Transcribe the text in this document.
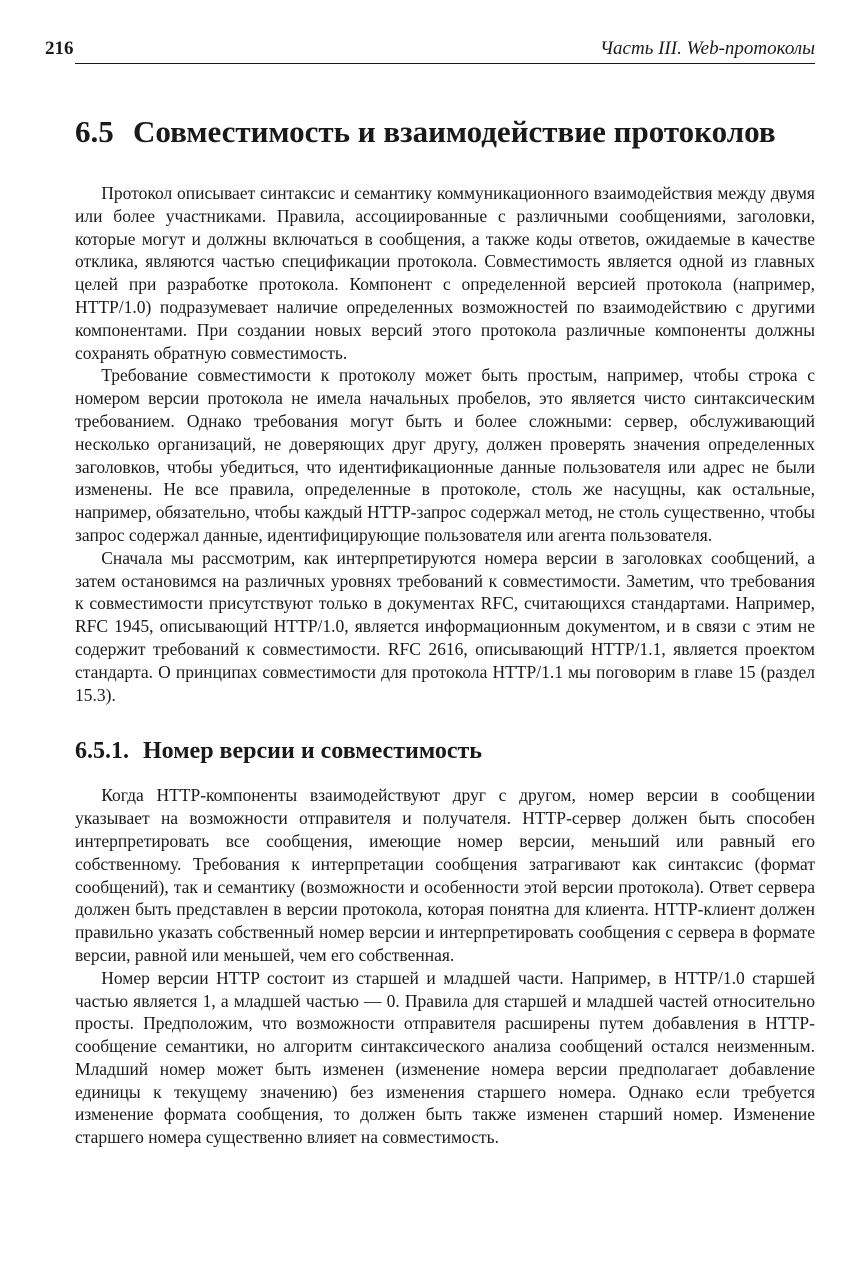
216	Часть III. Web-протоколы
6.5 Совместимость и взаимодействие протоколов

Протокол описывает синтаксис и семантику коммуникационного взаимодействия между двумя или более участниками. Правила, ассоциированные с различными сообщениями, заголовки, которые могут и должны включаться в сообщения, а также коды ответов, ожидаемые в качестве отклика, являются частью спецификации протокола. Совместимость является одной из главных целей при разработке протокола. Компонент с определенной версией протокола (например, HTTP/1.0) подразумевает наличие определенных возможностей по взаимодействию с другими компонентами. При создании новых версий этого протокола различные компоненты должны сохранять обратную совместимость.

Требование совместимости к протоколу может быть простым, например, чтобы строка с номером версии протокола не имела начальных пробелов, это является чисто синтаксическим требованием. Однако требования могут быть и более сложными: сервер, обслуживающий несколько организаций, не доверяющих друг другу, должен проверять значения определенных заголовков, чтобы убедиться, что идентификационные данные пользователя или адрес не были изменены. Не все правила, определенные в протоколе, столь же насущны, как остальные, например, обязательно, чтобы каждый HTTP-запрос содержал метод, не столь существенно, чтобы запрос содержал данные, идентифицирующие пользователя или агента пользователя.

Сначала мы рассмотрим, как интерпретируются номера версии в заголовках сообщений, а затем остановимся на различных уровнях требований к совместимости. Заметим, что требования к совместимости присутствуют только в документах RFC, считающихся стандартами. Например, RFC 1945, описывающий HTTP/1.0, является информационным документом, и в связи с этим не содержит требований к совместимости. RFC 2616, описывающий HTTP/1.1, является проектом стандарта. О принципах совместимости для протокола HTTP/1.1 мы поговорим в главе 15 (раздел 15.3).

6.5.1. Номер версии и совместимость

Когда HTTP-компоненты взаимодействуют друг с другом, номер версии в сообщении указывает на возможности отправителя и получателя. HTTP-сервер должен быть способен интерпретировать все сообщения, имеющие номер версии, меньший или равный его собственному. Требования к интерпретации сообщения затрагивают как синтаксис (формат сообщений), так и семантику (возможности и особенности этой версии протокола). Ответ сервера должен быть представлен в версии протокола, которая понятна для клиента. HTTP-клиент должен правильно указать собственный номер версии и интерпретировать сообщения с сервера в формате версии, равной или меньшей, чем его собственная.

Номер версии HTTP состоит из старшей и младшей части. Например, в HTTP/1.0 старшей частью является 1, а младшей частью — 0. Правила для старшей и младшей частей относительно просты. Предположим, что возможности отправителя расширены путем добавления в HTTP-сообщение семантики, но алгоритм синтаксического анализа сообщений остался неизменным. Младший номер может быть изменен (изменение номера версии предполагает добавление единицы к текущему значению) без изменения старшего номера. Однако если требуется изменение формата сообщения, то должен быть также изменен старший номер. Изменение старшего номера существенно влияет на совместимость.
